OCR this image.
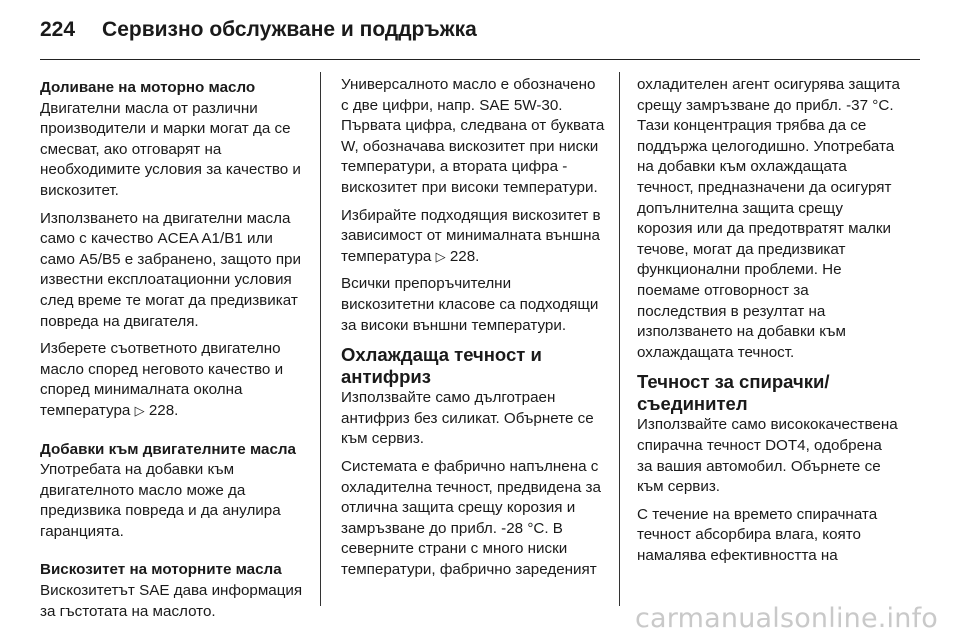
224 Сервизно обслужване и поддръжка
Доливане на моторно масло

Двигателни масла от различни производители и марки могат да се смесват, ако отговарят на необходимите условия за качество и вискозитет.

Използването на двигателни масла само с качество ACEA A1/B1 или само A5/B5 е забранено, защото при известни експлоатационни условия след време те могат да предизвикат повреда на двигателя.

Изберете съответното двигателно масло според неговото качество и според минималната околна температура ▷ 228.

Добавки към двигателните масла

Употребата на добавки към двигателното масло може да предизвика повреда и да анулира гаранцията.

Вискозитет на моторните масла

Вискозитетът SAE дава информация за гъстотата на маслото.

Универсалното масло е обозначено с две цифри, напр. SAE 5W-30. Първата цифра, следвана от буквата W, обозначава вискозитет при ниски температури, а втората цифра - вискозитет при високи температури.

Избирайте подходящия вискозитет в зависимост от минималната външна температура ▷ 228.

Всички препоръчителни вискозитетни класове са подходящи за високи външни температури.

Охлаждаща течност и антифриз

Използвайте само дълготраен антифриз без силикат. Обърнете се към сервиз.

Системата е фабрично напълнена с охладителна течност, предвидена за отлична защита срещу корозия и замръзване до прибл. -28 °C. В северните страни с много ниски температури, фабрично зареденият

охладителен агент осигурява защита срещу замръзване до прибл. -37 °C. Тази концентрация трябва да се поддържа целогодишно. Употребата на добавки към охлаждащата течност, предназначени да осигурят допълнителна защита срещу корозия или да предотвратят малки течове, могат да предизвикат функционални проблеми. Не поемаме отговорност за последствия в резултат на използването на добавки към охлаждащата течност.

Течност за спирачки/ съединител

Използвайте само висококачествена спирачна течност DOT4, одобрена за вашия автомобил. Обърнете се към сервиз.

С течение на времето спирачната течност абсорбира влага, която намалява ефективността на

carmanualsonline.info
